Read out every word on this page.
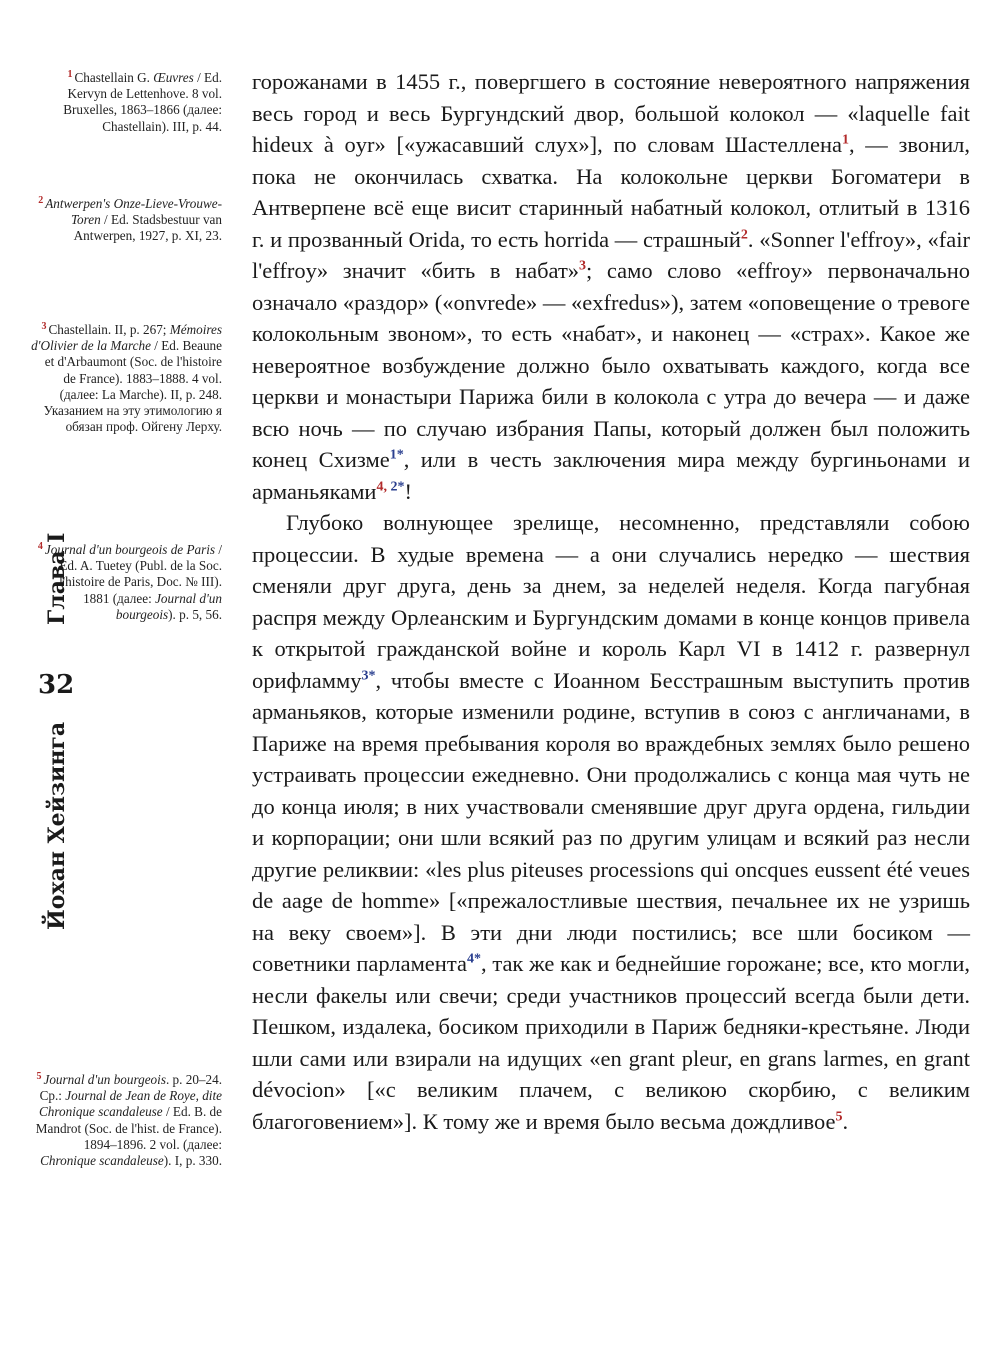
$^1$ Chastellain G. Œuvres / Ed. Kervyn de Lettenhove. 8 vol. Bruxelles, 1863–1866 (далее: Chastellain). III, p. 44.
$^2$ Antwerpen's Onze-Lieve-Vrouwe-Toren / Ed. Stadsbestuur van Antwerpen, 1927, p. XI, 23.
$^3$ Chastellain. II, p. 267; Mémoires d'Olivier de la Marche / Ed. Beaune et d'Arbaumont (Soc. de l'histoire de France). 1883–1888. 4 vol. (далее: La Marche). II, p. 248. Указанием на эту этимологию я обязан проф. Ойгену Лерху.
$^4$ Journal d'un bourgeois de Paris / Ed. A. Tuetey (Publ. de la Soc. l'histoire de Paris, Doc. № III). 1881 (далее: Journal d'un bourgeois). p. 5, 56.
$^5$ Journal d'un bourgeois. p. 20–24. Ср.: Journal de Jean de Roye, dite Chronique scandaleuse / Ed. B. de Mandrot (Soc. de l'hist. de France). 1894–1896. 2 vol. (далее: Chronique scandaleuse). I, p. 330.
Глава I
32
Йохан Хейзинга

горожанами в 1455 г., повергшего в состояние невероятного напряжения весь город и весь Бургундский двор, большой колокол — «laquelle fait hideux à oyr» [«ужасавший слух»], по словам Шастеллена$^1$, — звонил, пока не окончилась схватка. На колокольне церкви Богоматери в Антверпене всё еще висит старинный набатный колокол, отлитый в 1316 г. и прозванный Orida, то есть horrida — страшный$^2$. «Sonner l'effroy», «fair l'effroy» значит «бить в набат»$^3$; само слово «effroy» первоначально означало «раздор» («onvrede» — «exfredus»), затем «оповещение о тревоге колокольным звоном», то есть «набат», и наконец — «страх». Какое же невероятное возбуждение должно было охватывать каждого, когда все церкви и монастыри Парижа били в колокола с утра до вечера — и даже всю ночь — по случаю избрания Папы, который должен был положить конец Схизме$^{1*}$, или в честь заключения мира между бургиньонами и арманьяками$^{4,}$ $^{2*}$!

Глубоко волнующее зрелище, несомненно, представляли собою процессии. В худые времена — а они случались нередко — шествия сменяли друг друга, день за днем, за неделей неделя. Когда пагубная распря между Орлеанским и Бургундским домами в конце концов привела к открытой гражданской войне и король Карл VI в 1412 г. развернул орифламму$^{3*}$, чтобы вместе с Иоанном Бесстрашным выступить против арманьяков, которые изменили родине, вступив в союз с англичанами, в Париже на время пребывания короля во враждебных землях было решено устраивать процессии ежедневно. Они продолжались с конца мая чуть не до конца июля; в них участвовали сменявшие друг друга ордена, гильдии и корпорации; они шли всякий раз по другим улицам и всякий раз несли другие реликвии: «les plus piteuses processions qui oncques eussent été veues de aage de homme» [«прежалостливые шествия, печальнее их не узришь на веку своем»]. В эти дни люди постились; все шли босиком — советники парламента$^{4*}$, так же как и беднейшие горожане; все, кто могли, несли факелы или свечи; среди участников процессий всегда были дети. Пешком, издалека, босиком приходили в Париж бедняки-крестьяне. Люди шли сами или взирали на идущих «en grant pleur, en grans larmes, en grant dévocion» [«с великим плачем, с великою скорбию, с великим благоговением»]. К тому же и время было весьма дождливое$^5$.
